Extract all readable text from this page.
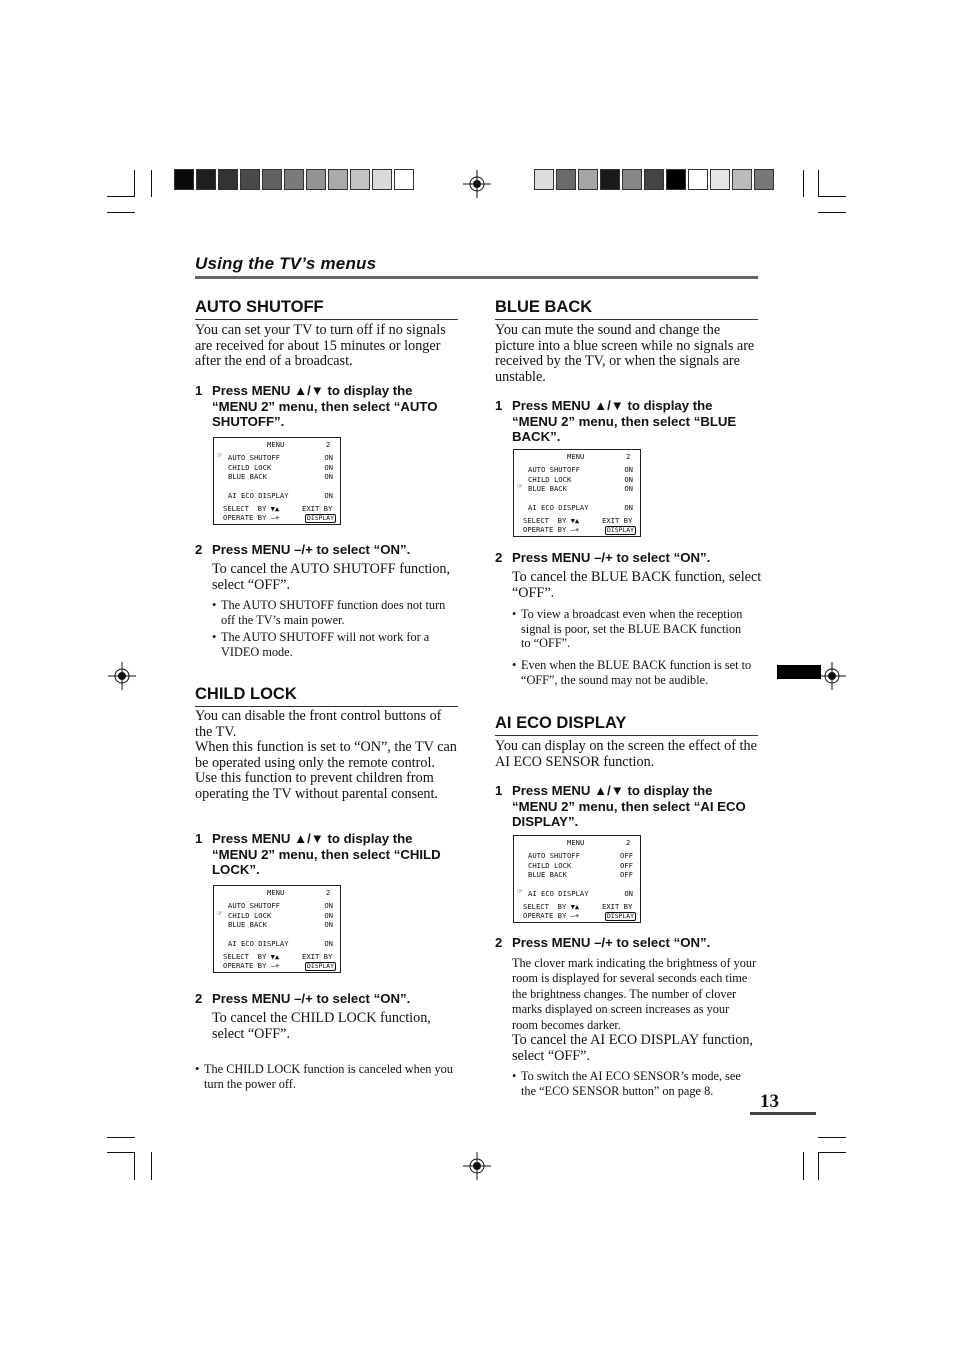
Using the TV’s menus
AUTO SHUTOFF
You can set your TV to turn off if no signals are received for about 15 minutes or longer after the end of a broadcast.
1 Press MENU ▲/▼ to display the “MENU 2” menu, then select “AUTO SHUTOFF”.
MENU	2
AUTO SHUTOFF	ON
CHILD LOCK	ON
BLUE BACK	ON
AI ECO DISPLAY	ON
☞
SELECT  BY ▼▲	EXIT BY
OPERATE BY –+	DISPLAY
2 Press MENU –/+ to select “ON”.
To cancel the AUTO SHUTOFF function, select “OFF”.
• The AUTO SHUTOFF function does not turn off the TV’s main power.
• The AUTO SHUTOFF will not work for a VIDEO mode.
CHILD LOCK
You can disable the front control buttons of the TV.
When this function is set to “ON”, the TV can be operated using only the remote control.
Use this function to prevent children from operating the TV without parental consent.
1 Press MENU ▲/▼ to display the “MENU 2” menu, then select “CHILD LOCK”.
MENU	2
AUTO SHUTOFF	ON
CHILD LOCK	ON
BLUE BACK	ON
AI ECO DISPLAY	ON
☞
SELECT  BY ▼▲	EXIT BY
OPERATE BY –+	DISPLAY
2 Press MENU –/+ to select “ON”.
To cancel the CHILD LOCK function, select “OFF”.
• The CHILD LOCK function is canceled when you turn the power off.
BLUE BACK
You can mute the sound and change the picture into a blue screen while no signals are received by the TV, or when the signals are unstable.
1 Press MENU ▲/▼ to display the “MENU 2” menu, then select “BLUE BACK”.
MENU	2
AUTO SHUTOFF	ON
CHILD LOCK	ON
BLUE BACK	ON
AI ECO DISPLAY	ON
☞
SELECT  BY ▼▲	EXIT BY
OPERATE BY –+	DISPLAY
2 Press MENU –/+ to select “ON”.
To cancel the BLUE BACK function, select “OFF”.
• To view a broadcast even when the reception signal is poor, set the BLUE BACK function to “OFF”.
• Even when the BLUE BACK function is set to “OFF”, the sound may not be audible.
AI ECO DISPLAY
You can display on the screen the effect of the AI ECO SENSOR function.
1 Press MENU ▲/▼ to display the “MENU 2” menu, then select “AI ECO DISPLAY”.
MENU	2
AUTO SHUTOFF	OFF
CHILD LOCK	OFF
BLUE BACK	OFF
AI ECO DISPLAY	ON
☞
SELECT  BY ▼▲	EXIT BY
OPERATE BY –+	DISPLAY
2 Press MENU –/+ to select “ON”.
The clover mark indicating the brightness of your room is displayed for several seconds each time the brightness changes. The number of clover marks displayed on screen increases as your room becomes darker.
To cancel the AI ECO DISPLAY function, select “OFF”.
• To switch the AI ECO SENSOR’s mode, see the “ECO SENSOR button” on page 8.
13
